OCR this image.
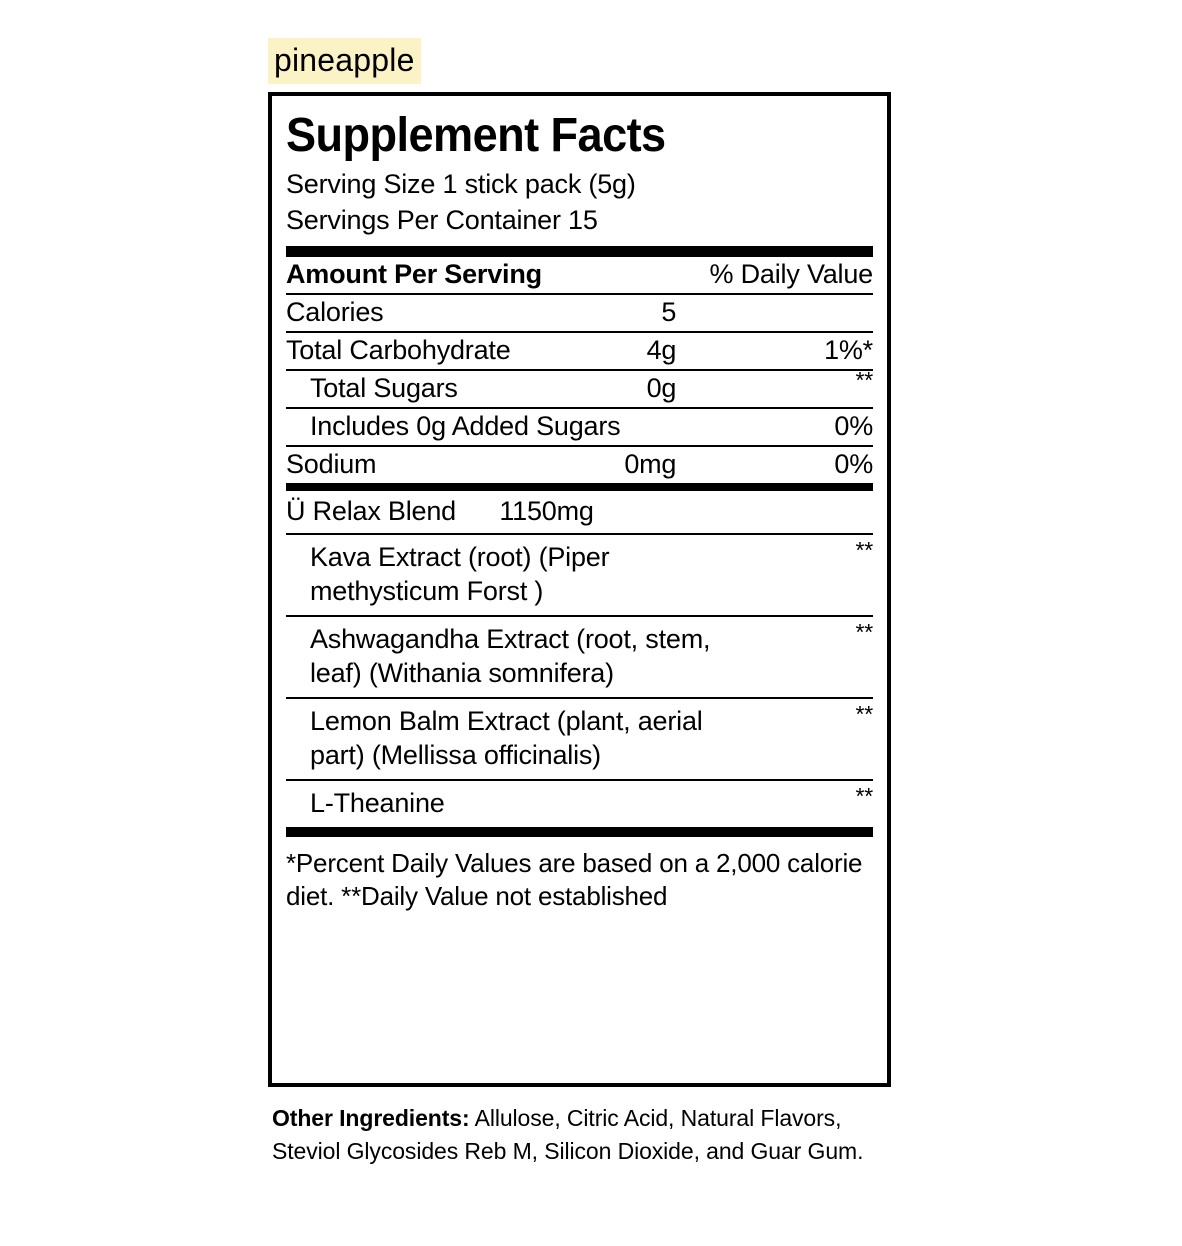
pineapple
Supplement Facts
Serving Size 1 stick pack (5g)
Servings Per Container 15
Amount Per Serving		% Daily Value
Calories	5	
Total Carbohydrate	4g	1%*
Total Sugars	0g	**
Includes 0g Added Sugars		0%
Sodium	0mg	0%
Ü Relax Blend 1150mg	
Kava Extract (root) (Piper methysticum Forst )	**
Ashwagandha Extract (root, stem, leaf) (Withania somnifera)	**
Lemon Balm Extract (plant, aerial part) (Mellissa officinalis)	**
L-Theanine	**
*Percent Daily Values are based on a 2,000 calorie diet. **Daily Value not established
Other Ingredients: Allulose, Citric Acid, Natural Flavors, Steviol Glycosides Reb M, Silicon Dioxide, and Guar Gum.
